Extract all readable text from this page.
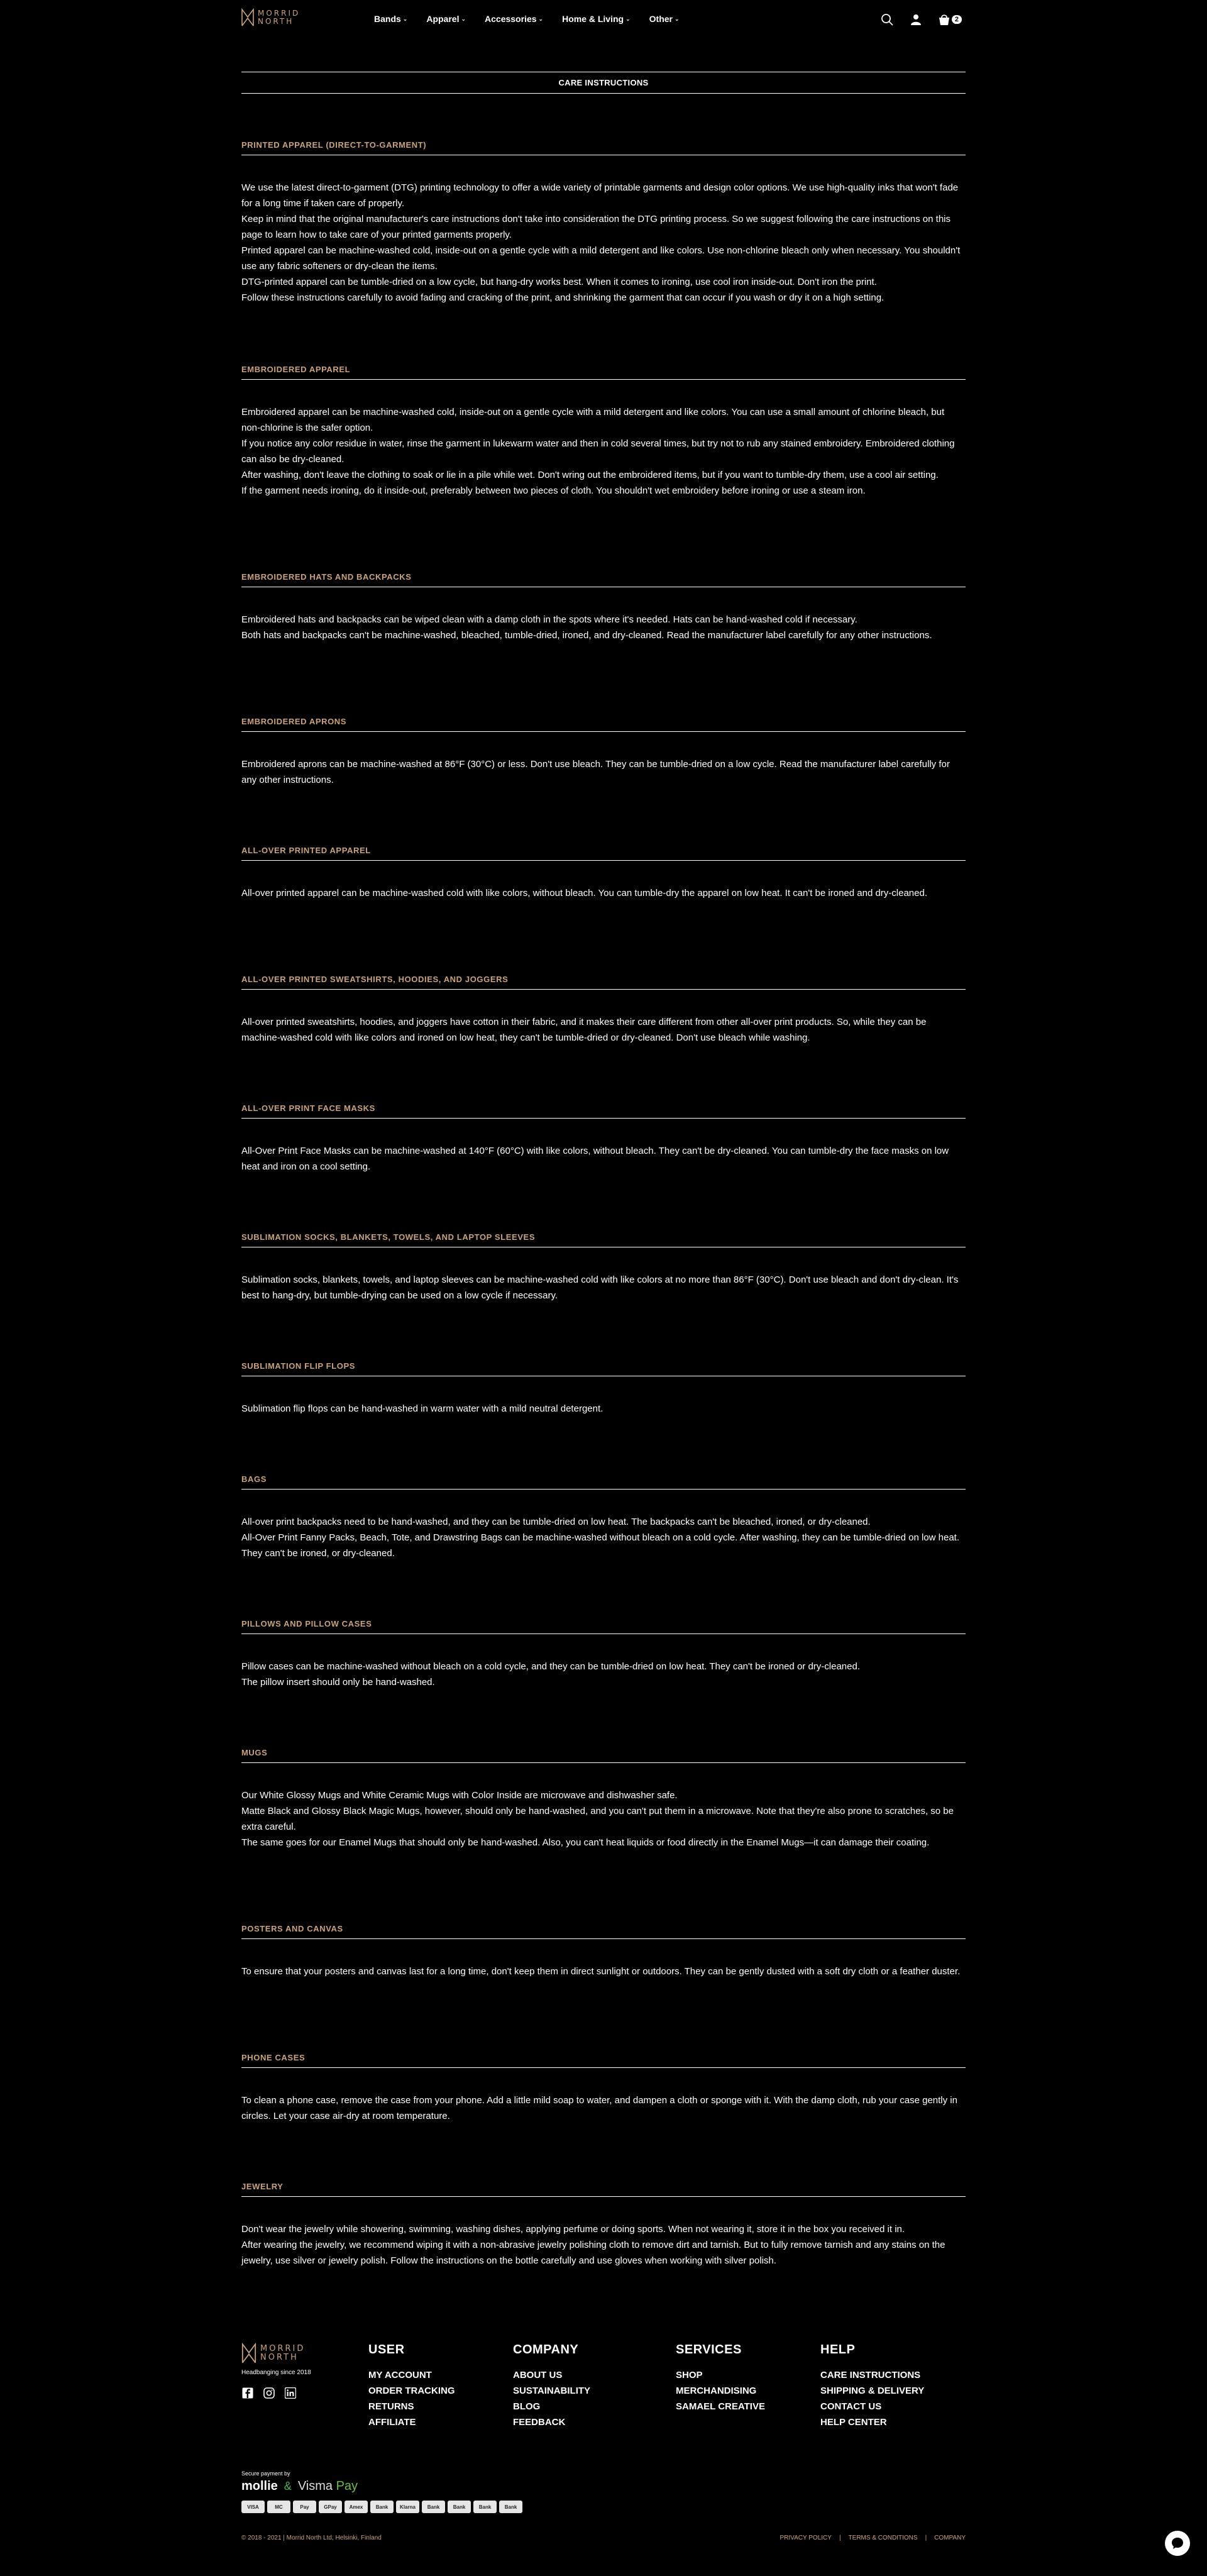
MORRID
NORTH	Bands ⌄ Apparel ⌄ Accessories ⌄ Home & Living ⌄ Other ⌄	2
CARE INSTRUCTIONS
PRINTED APPAREL (DIRECT-TO-GARMENT)

We use the latest direct-to-garment (DTG) printing technology to offer a wide variety of printable garments and design color options. We use high-quality inks that won't fade for a long time if taken care of properly.

Keep in mind that the original manufacturer's care instructions don't take into consideration the DTG printing process. So we suggest following the care instructions on this page to learn how to take care of your printed garments properly.

Printed apparel can be machine-washed cold, inside-out on a gentle cycle with a mild detergent and like colors. Use non-chlorine bleach only when necessary. You shouldn't use any fabric softeners or dry-clean the items.

DTG-printed apparel can be tumble-dried on a low cycle, but hang-dry works best. When it comes to ironing, use cool iron inside-out. Don't iron the print.

Follow these instructions carefully to avoid fading and cracking of the print, and shrinking the garment that can occur if you wash or dry it on a high setting.

EMBROIDERED APPAREL

Embroidered apparel can be machine-washed cold, inside-out on a gentle cycle with a mild detergent and like colors. You can use a small amount of chlorine bleach, but non-chlorine is the safer option.

If you notice any color residue in water, rinse the garment in lukewarm water and then in cold several times, but try not to rub any stained embroidery. Embroidered clothing can also be dry-cleaned.

After washing, don't leave the clothing to soak or lie in a pile while wet. Don't wring out the embroidered items, but if you want to tumble-dry them, use a cool air setting.

If the garment needs ironing, do it inside-out, preferably between two pieces of cloth. You shouldn't wet embroidery before ironing or use a steam iron.

EMBROIDERED HATS AND BACKPACKS

Embroidered hats and backpacks can be wiped clean with a damp cloth in the spots where it's needed. Hats can be hand-washed cold if necessary.

Both hats and backpacks can't be machine-washed, bleached, tumble-dried, ironed, and dry-cleaned. Read the manufacturer label carefully for any other instructions.

EMBROIDERED APRONS

Embroidered aprons can be machine-washed at 86°F (30°C) or less. Don't use bleach. They can be tumble-dried on a low cycle. Read the manufacturer label carefully for any other instructions.

ALL-OVER PRINTED APPAREL

All-over printed apparel can be machine-washed cold with like colors, without bleach. You can tumble-dry the apparel on low heat. It can't be ironed and dry-cleaned.

ALL-OVER PRINTED SWEATSHIRTS, HOODIES, AND JOGGERS

All-over printed sweatshirts, hoodies, and joggers have cotton in their fabric, and it makes their care different from other all-over print products. So, while they can be machine-washed cold with like colors and ironed on low heat, they can't be tumble-dried or dry-cleaned. Don't use bleach while washing.

ALL-OVER PRINT FACE MASKS

All-Over Print Face Masks can be machine-washed at 140°F (60°C) with like colors, without bleach. They can't be dry-cleaned. You can tumble-dry the face masks on low heat and iron on a cool setting.

SUBLIMATION SOCKS, BLANKETS, TOWELS, AND LAPTOP SLEEVES

Sublimation socks, blankets, towels, and laptop sleeves can be machine-washed cold with like colors at no more than 86°F (30°C). Don't use bleach and don't dry-clean. It's best to hang-dry, but tumble-drying can be used on a low cycle if necessary.

SUBLIMATION FLIP FLOPS

Sublimation flip flops can be hand-washed in warm water with a mild neutral detergent.

BAGS

All-over print backpacks need to be hand-washed, and they can be tumble-dried on low heat. The backpacks can't be bleached, ironed, or dry-cleaned.

All-Over Print Fanny Packs, Beach, Tote, and Drawstring Bags can be machine-washed without bleach on a cold cycle. After washing, they can be tumble-dried on low heat. They can't be ironed, or dry-cleaned.

PILLOWS AND PILLOW CASES

Pillow cases can be machine-washed without bleach on a cold cycle, and they can be tumble-dried on low heat. They can't be ironed or dry-cleaned.

The pillow insert should only be hand-washed.

MUGS

Our White Glossy Mugs and White Ceramic Mugs with Color Inside are microwave and dishwasher safe.

Matte Black and Glossy Black Magic Mugs, however, should only be hand-washed, and you can't put them in a microwave. Note that they're also prone to scratches, so be extra careful.

The same goes for our Enamel Mugs that should only be hand-washed. Also, you can't heat liquids or food directly in the Enamel Mugs—it can damage their coating.

POSTERS AND CANVAS

To ensure that your posters and canvas last for a long time, don't keep them in direct sunlight or outdoors. They can be gently dusted with a soft dry cloth or a feather duster.

PHONE CASES

To clean a phone case, remove the case from your phone. Add a little mild soap to water, and dampen a cloth or sponge with it. With the damp cloth, rub your case gently in circles. Let your case air-dry at room temperature.

JEWELRY

Don't wear the jewelry while showering, swimming, washing dishes, applying perfume or doing sports. When not wearing it, store it in the box you received it in.

After wearing the jewelry, we recommend wiping it with a non-abrasive jewelry polishing cloth to remove dirt and tarnish. But to fully remove tarnish and any stains on the jewelry, use silver or jewelry polish. Follow the instructions on the bottle carefully and use gloves when working with silver polish.

MORRID
NORTH
Headbanging since 2018
USER
MY ACCOUNT
ORDER TRACKING
RETURNS
AFFILIATE
COMPANY
ABOUT US
SUSTAINABILITY
BLOG
FEEDBACK
SERVICES
SHOP
MERCHANDISING
SAMAEL CREATIVE
HELP
CARE INSTRUCTIONS
SHIPPING & DELIVERY
CONTACT US
HELP CENTER
Secure payment by
mollie & Visma Pay
VISA	MC	Pay	GPay	Amex	Bank	Klarna	Bank	Bank	Bank	Bank
© 2018 - 2021 | Morrid North Ltd, Helsinki, Finland	PRIVACY POLICY | TERMS & CONDITIONS | COMPANY
